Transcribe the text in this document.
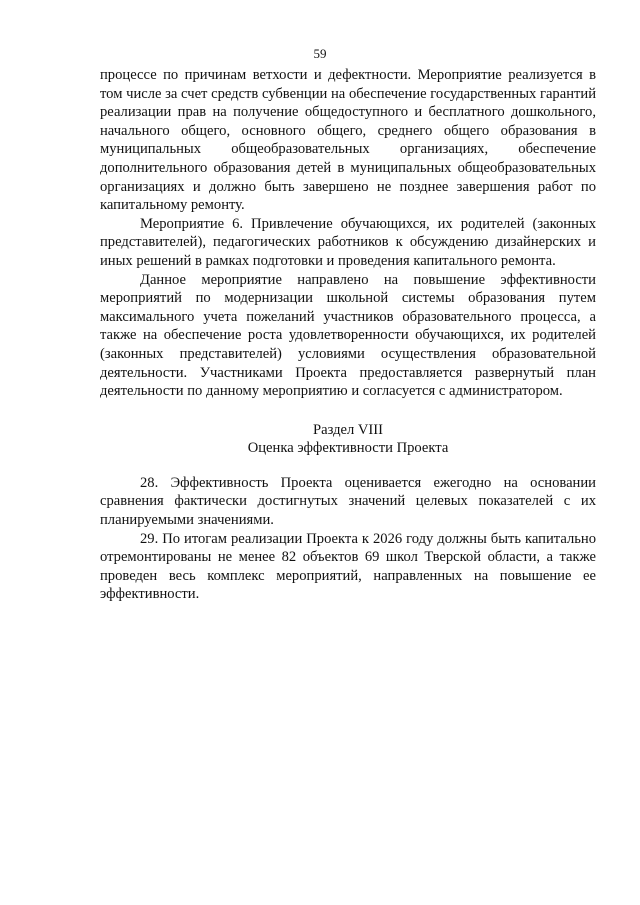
59

процессе по причинам ветхости и дефектности. Мероприятие реализуется в том числе за счет средств субвенции на обеспечение государственных гарантий реализации прав на получение общедоступного и бесплатного дошкольного, начального общего, основного общего, среднего общего образования в муниципальных общеобразовательных организациях, обеспечение дополнительного образования детей в муниципальных общеобразовательных организациях и должно быть завершено не позднее завершения работ по капитальному ремонту.

Мероприятие 6. Привлечение обучающихся, их родителей (законных представителей), педагогических работников к обсуждению дизайнерских и иных решений в рамках подготовки и проведения капитального ремонта.

Данное мероприятие направлено на повышение эффективности мероприятий по модернизации школьной системы образования путем максимального учета пожеланий участников образовательного процесса, а также на обеспечение роста удовлетворенности обучающихся, их родителей (законных представителей) условиями осуществления образовательной деятельности. Участниками Проекта предоставляется развернутый план деятельности по данному мероприятию и согласуется с администратором.

Раздел VIII
Оценка эффективности Проекта

28. Эффективность Проекта оценивается ежегодно на основании сравнения фактически достигнутых значений целевых показателей с их планируемыми значениями.

29. По итогам реализации Проекта к 2026 году должны быть капитально отремонтированы не менее 82 объектов 69 школ Тверской области, а также проведен весь комплекс мероприятий, направленных на повышение ее эффективности.
